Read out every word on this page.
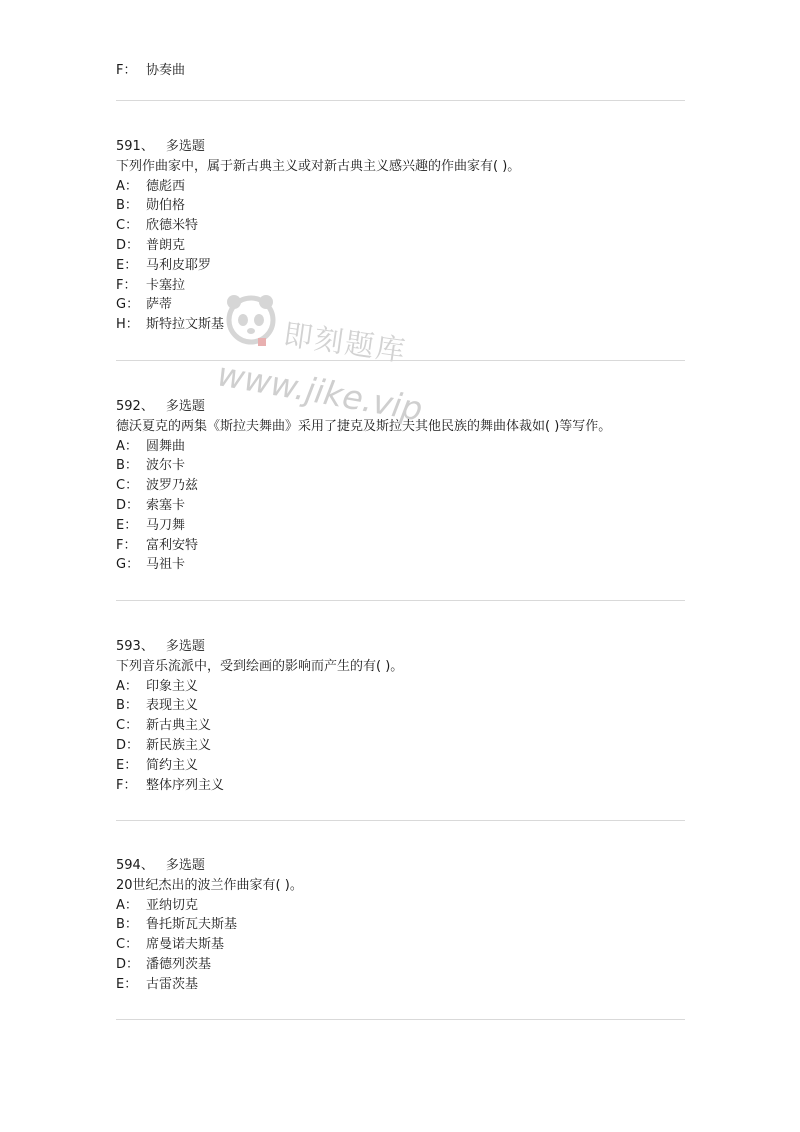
F： 协奏曲
591、 多选题
下列作曲家中，属于新古典主义或对新古典主义感兴趣的作曲家有( )。
A： 德彪西
B： 勋伯格
C： 欣德米特
D： 普朗克
E： 马利皮耶罗
F： 卡塞拉
G： 萨蒂
H： 斯特拉文斯基
592、 多选题
德沃夏克的两集《斯拉夫舞曲》采用了捷克及斯拉夫其他民族的舞曲体裁如( )等写作。
A： 圆舞曲
B： 波尔卡
C： 波罗乃兹
D： 索塞卡
E： 马刀舞
F： 富利安特
G： 马祖卡
593、 多选题
下列音乐流派中，受到绘画的影响而产生的有( )。
A： 印象主义
B： 表现主义
C： 新古典主义
D： 新民族主义
E： 简约主义
F： 整体序列主义
594、 多选题
20世纪杰出的波兰作曲家有( )。
A： 亚纳切克
B： 鲁托斯瓦夫斯基
C： 席曼诺夫斯基
D： 潘德列茨基
E： 古雷茨基
即刻题库
www.jike.vip
